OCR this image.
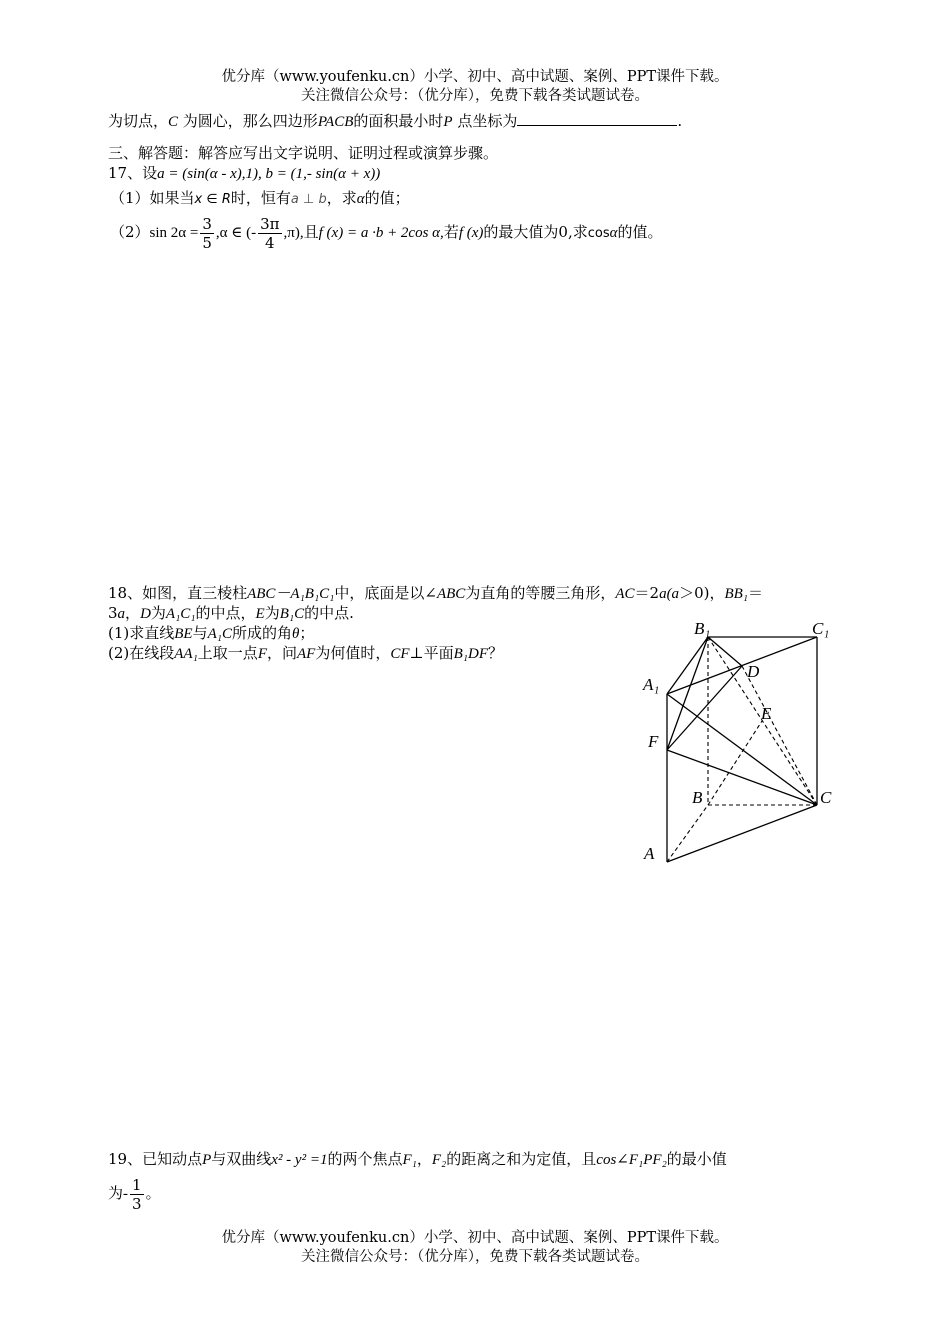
优分库（www.youfenku.cn）小学、初中、高中试题、案例、PPT课件下载。
关注微信公众号：（优分库），免费下载各类试题试卷。
为切点，C 为圆心，那么四边形PACB的面积最小时P 点坐标为	.
三、解答题：解答应写出文字说明、证明过程或演算步骤。
17、设a = (sin(α - x),1), b = (1,- sin(α + x))
（1）如果当x ∈ R时，恒有a ⊥ b，求α的值；
（2）sin $2\alpha = \frac{3}{5} ,\alpha$ ∈ (- $\frac{3\pi}{4} ,\pi$),且f (x) = a ·b + 2cos α,若f (x)的最大值为0,求cosα的值。
18、如图，直三棱柱ABC－A₁B₁C₁中，底面是以∠ABC为直角的等腰三角形，AC＝2a(a＞0)，BB₁＝
3a，D为A₁C₁的中点，E为B₁C的中点.
(1)求直线BE与A₁C所成的角θ；
(2)在线段AA₁上取一点F，问AF为何值时，CF⊥平面B₁DF？
B₁	C₁
D
A₁
E
F
B	C
A
19、已知动点P与双曲线x² - y² =1的两个焦点F₁，F₂的距离之和为定值，且cos∠F₁PF₂的最小值
为- $\frac{1}{3}$ 。
优分库（www.youfenku.cn）小学、初中、高中试题、案例、PPT课件下载。
关注微信公众号：（优分库），免费下载各类试题试卷。
